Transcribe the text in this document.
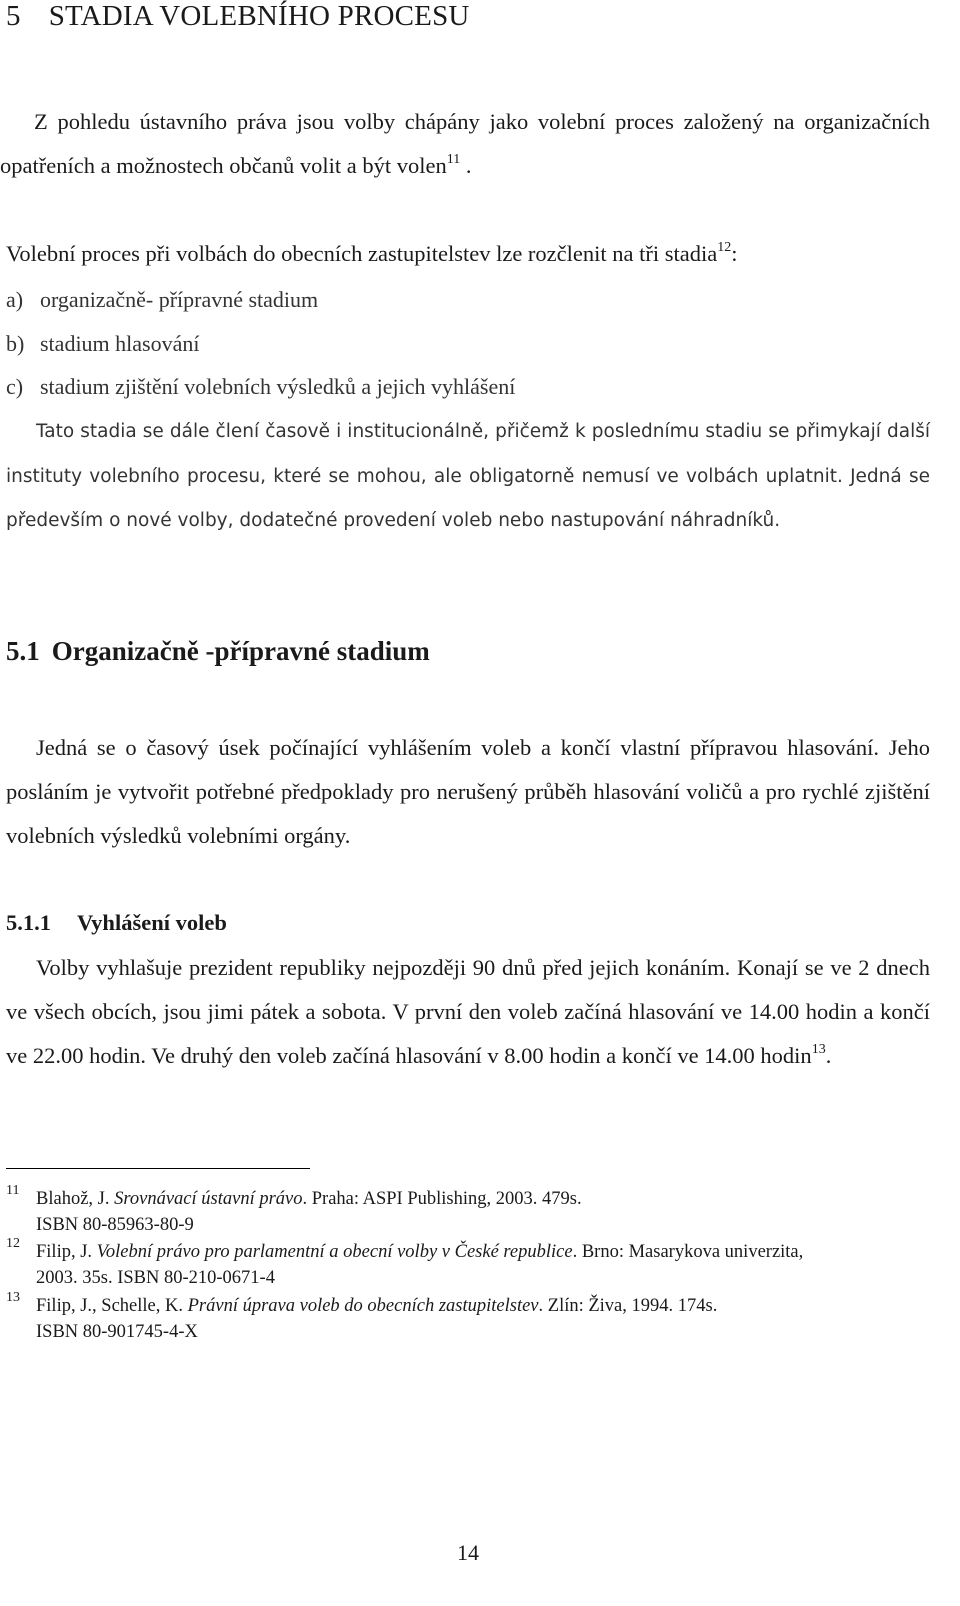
5 STADIA VOLEBNÍHO PROCESU

Z pohledu ústavního práva jsou volby chápány jako volební proces založený na organizačních opatřeních a možnostech občanů volit a být volen$^{11}$ .

Volební proces při volbách do obecních zastupitelstev lze rozčlenit na tři stadia$^{12}$:

a) organizačně- přípravné stadium
b) stadium hlasování
c) stadium zjištění volebních výsledků a jejich vyhlášení

Tato stadia se dále člení časově i institucionálně, přičemž k poslednímu stadiu se přimykají další instituty volebního procesu, které se mohou, ale obligatorně nemusí ve volbách uplatnit. Jedná se především o nové volby, dodatečné provedení voleb nebo nastupování náhradníků.

5.1 Organizačně -přípravné stadium

Jedná se o časový úsek počínající vyhlášením voleb a končí vlastní přípravou hlasování. Jeho posláním je vytvořit potřebné předpoklady pro nerušený průběh hlasování voličů a pro rychlé zjištění volebních výsledků volebními orgány.

5.1.1 Vyhlášení voleb

Volby vyhlašuje prezident republiky nejpozději 90 dnů před jejich konáním. Konají se ve 2 dnech ve všech obcích, jsou jimi pátek a sobota. V první den voleb začíná hlasování ve 14.00 hodin a končí ve 22.00 hodin. Ve druhý den voleb začíná hlasování v 8.00 hodin a končí ve 14.00 hodin$^{13}$.

11 Blahož, J. Srovnávací ústavní právo. Praha: ASPI Publishing, 2003. 479s.
ISBN 80-85963-80-9
12 Filip, J. Volební právo pro parlamentní a obecní volby v České republice. Brno: Masarykova univerzita,
2003. 35s. ISBN 80-210-0671-4
13 Filip, J., Schelle, K. Právní úprava voleb do obecních zastupitelstev. Zlín: Živa, 1994. 174s.
ISBN 80-901745-4-X
14
